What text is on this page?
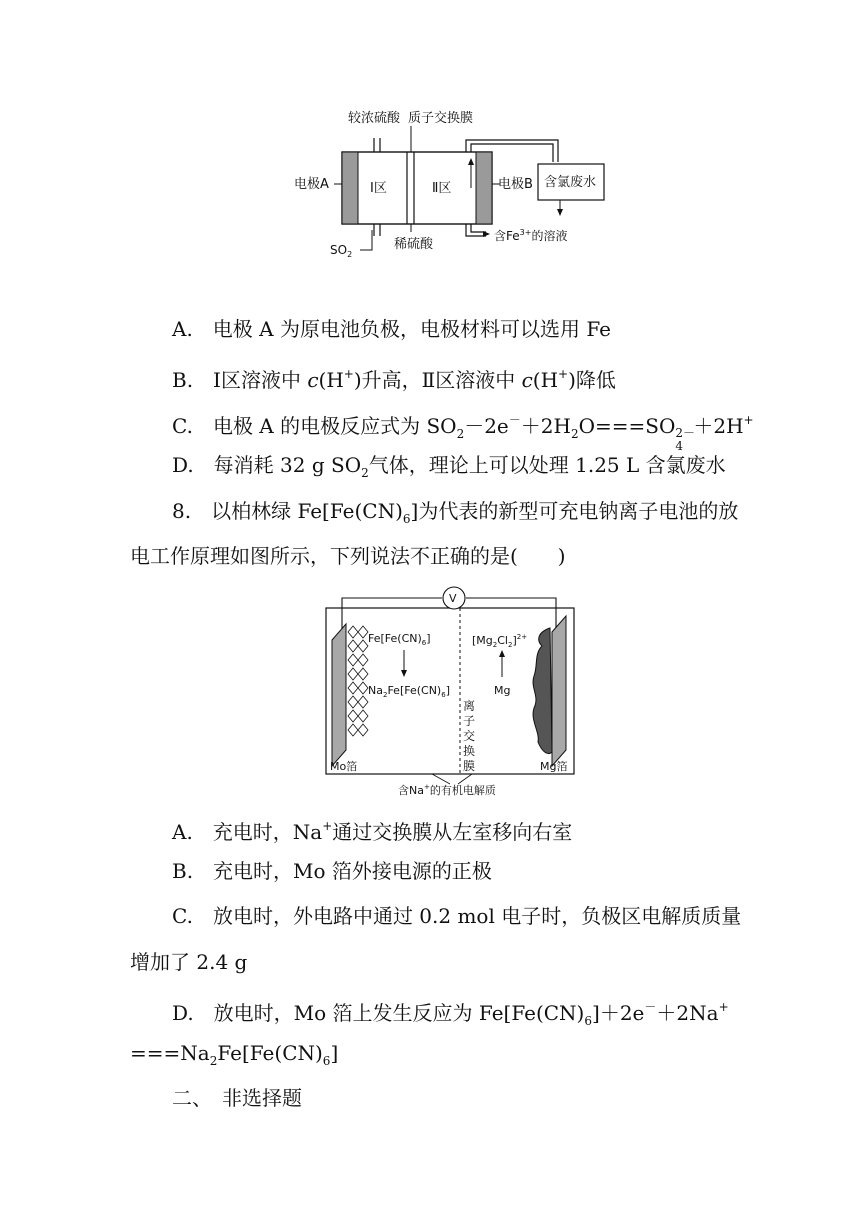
较浓硫酸 质子交换膜
电极A	Ⅰ区	Ⅱ区	电极B 含氯废水
$SO_2$
稀硫酸
含$Fe^{3+}$的溶液
A.　电极 A 为原电池负极，电极材料可以选用 Fe
B.　Ⅰ区溶液中 c(H+)升高，Ⅱ区溶液中 c(H+)降低
C.　电极 A 的电极反应式为 $SO_2-2e^-+2H_2O===SO$ 2－
4
＋2H+
D.　每消耗 32 g $SO_2$气体，理论上可以处理 1.25 L 含氯废水
8.　以柏林绿 $Fe[Fe(CN)_6]$为代表的新型可充电钠离子电池的放
电工作原理如图所示，下列说法不正确的是(　　)
V
$Fe[Fe(CN)_6]$
$Na_2Fe[Fe(CN)_6]$
离
子
交
换
膜
$[Mg_2Cl_2]^{2+}$
Mg
Mo箔	Mg箔
含Na+的有机电解质
A.　充电时，Na+通过交换膜从左室移向右室
B.　充电时，Mo 箔外接电源的正极
C.　放电时，外电路中通过 0.2 mol 电子时，负极区电解质质量
增加了 2.4 g
D.　放电时，Mo 箔上发生反应为 $Fe[Fe(CN)_6]+2e^-+2Na^+$
$===Na_2Fe[Fe(CN)_6]$
二、　非选择题
